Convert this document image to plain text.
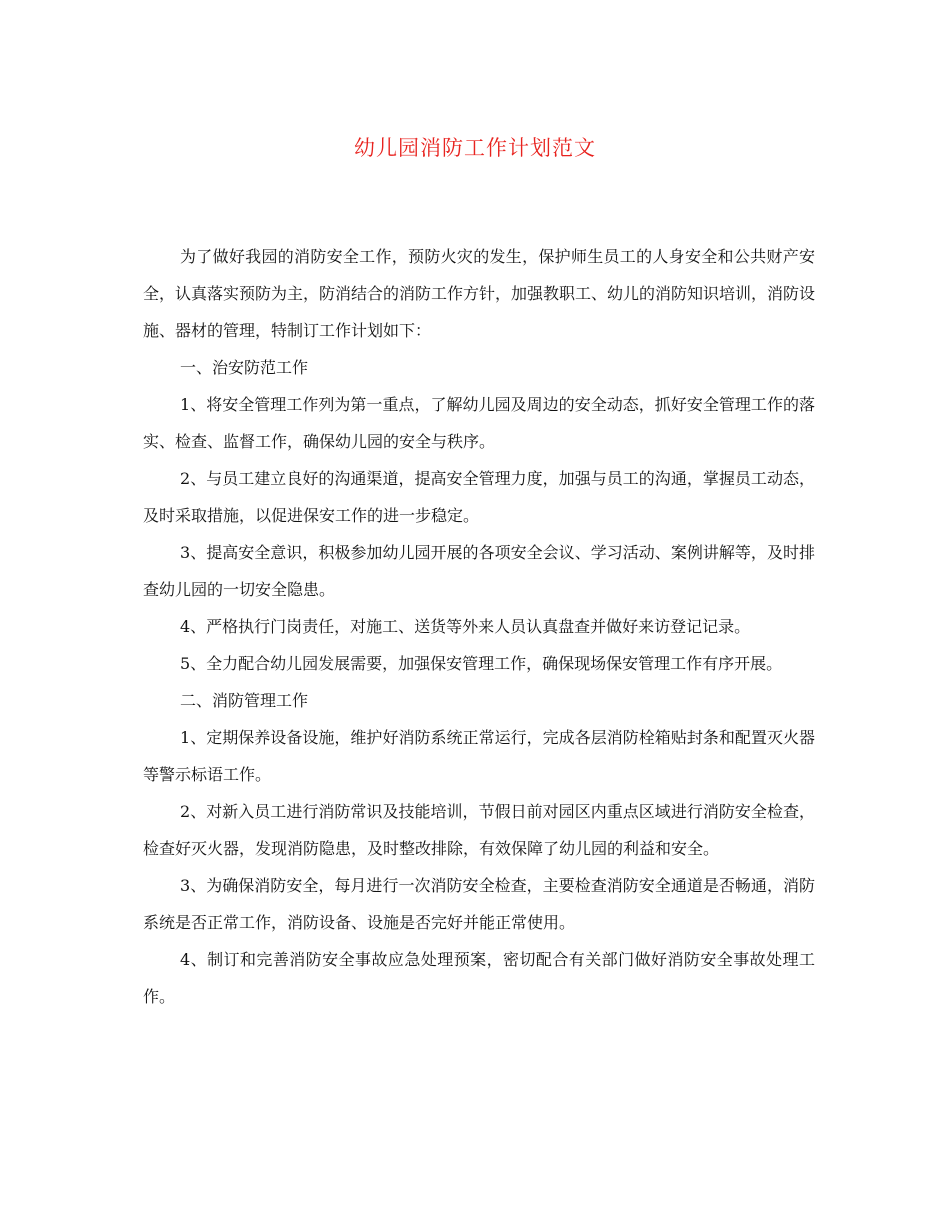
幼儿园消防工作计划范文

为了做好我园的消防安全工作，预防火灾的发生，保护师生员工的人身安全和公共财产安全，认真落实预防为主，防消结合的消防工作方针，加强教职工、幼儿的消防知识培训，消防设施、器材的管理，特制订工作计划如下：

一、治安防范工作

1、将安全管理工作列为第一重点，了解幼儿园及周边的安全动态，抓好安全管理工作的落实、检查、监督工作，确保幼儿园的安全与秩序。

2、与员工建立良好的沟通渠道，提高安全管理力度，加强与员工的沟通，掌握员工动态，及时采取措施，以促进保安工作的进一步稳定。

3、提高安全意识，积极参加幼儿园开展的各项安全会议、学习活动、案例讲解等，及时排查幼儿园的一切安全隐患。

4、严格执行门岗责任，对施工、送货等外来人员认真盘查并做好来访登记记录。

5、全力配合幼儿园发展需要，加强保安管理工作，确保现场保安管理工作有序开展。

二、消防管理工作

1、定期保养设备设施，维护好消防系统正常运行，完成各层消防栓箱贴封条和配置灭火器等警示标语工作。

2、对新入员工进行消防常识及技能培训，节假日前对园区内重点区域进行消防安全检查，检查好灭火器，发现消防隐患，及时整改排除，有效保障了幼儿园的利益和安全。

3、为确保消防安全，每月进行一次消防安全检查，主要检查消防安全通道是否畅通，消防系统是否正常工作，消防设备、设施是否完好并能正常使用。

4、制订和完善消防安全事故应急处理预案，密切配合有关部门做好消防安全事故处理工作。
